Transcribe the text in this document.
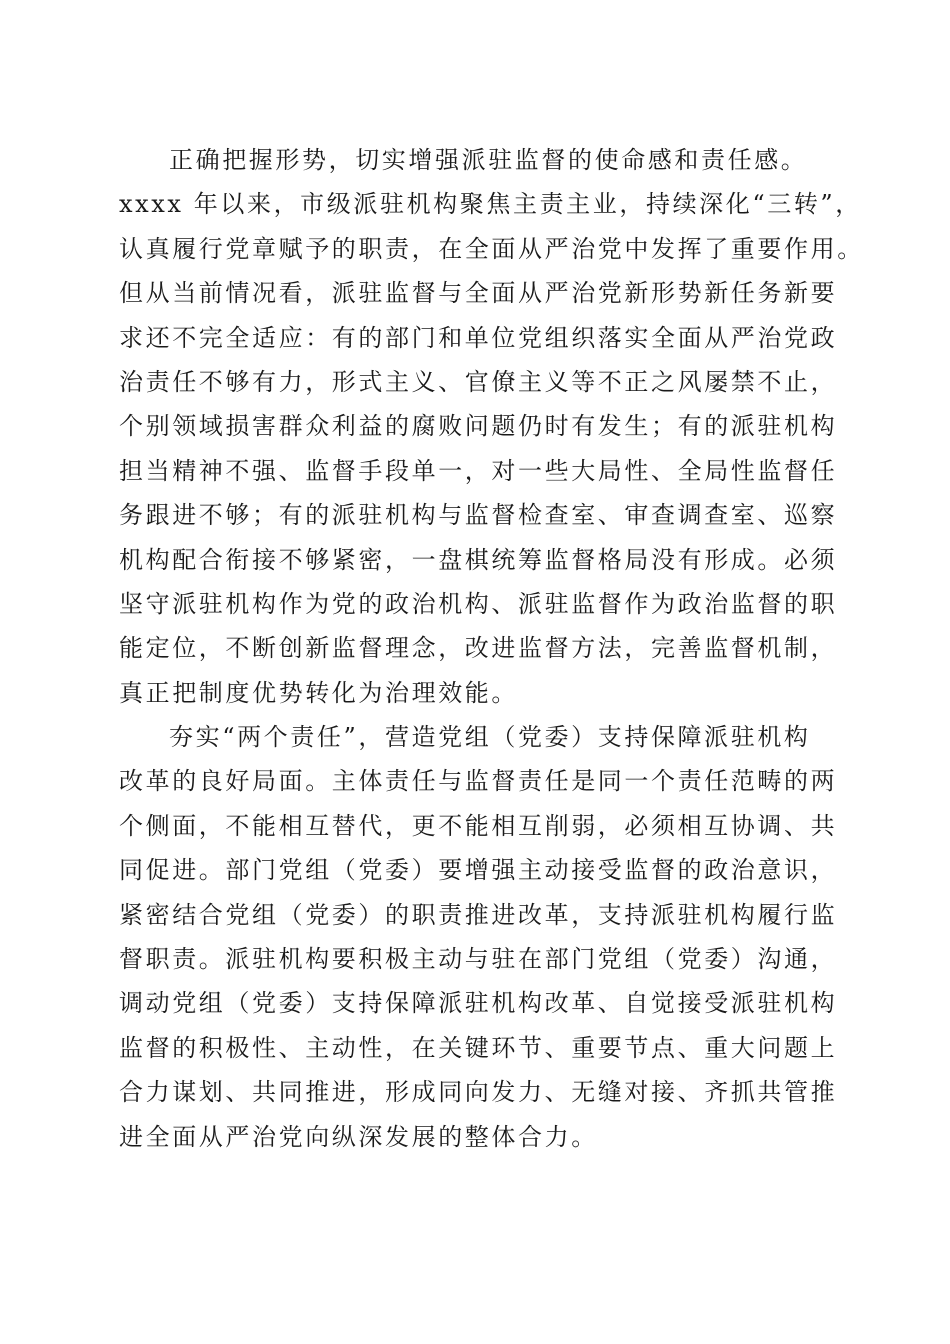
正确把握形势，切实增强派驻监督的使命感和责任感。
xxxx 年以来，市级派驻机构聚焦主责主业，持续深化“三转”，
认真履行党章赋予的职责，在全面从严治党中发挥了重要作用。
但从当前情况看，派驻监督与全面从严治党新形势新任务新要
求还不完全适应：有的部门和单位党组织落实全面从严治党政
治责任不够有力，形式主义、官僚主义等不正之风屡禁不止，
个别领域损害群众利益的腐败问题仍时有发生；有的派驻机构
担当精神不强、监督手段单一，对一些大局性、全局性监督任
务跟进不够；有的派驻机构与监督检查室、审查调查室、巡察
机构配合衔接不够紧密，一盘棋统筹监督格局没有形成。必须
坚守派驻机构作为党的政治机构、派驻监督作为政治监督的职
能定位，不断创新监督理念，改进监督方法，完善监督机制，
真正把制度优势转化为治理效能。
夯实“两个责任”，营造党组（党委）支持保障派驻机构
改革的良好局面。主体责任与监督责任是同一个责任范畴的两
个侧面，不能相互替代，更不能相互削弱，必须相互协调、共
同促进。部门党组（党委）要增强主动接受监督的政治意识，
紧密结合党组（党委）的职责推进改革，支持派驻机构履行监
督职责。派驻机构要积极主动与驻在部门党组（党委）沟通，
调动党组（党委）支持保障派驻机构改革、自觉接受派驻机构
监督的积极性、主动性，在关键环节、重要节点、重大问题上
合力谋划、共同推进，形成同向发力、无缝对接、齐抓共管推
进全面从严治党向纵深发展的整体合力。
